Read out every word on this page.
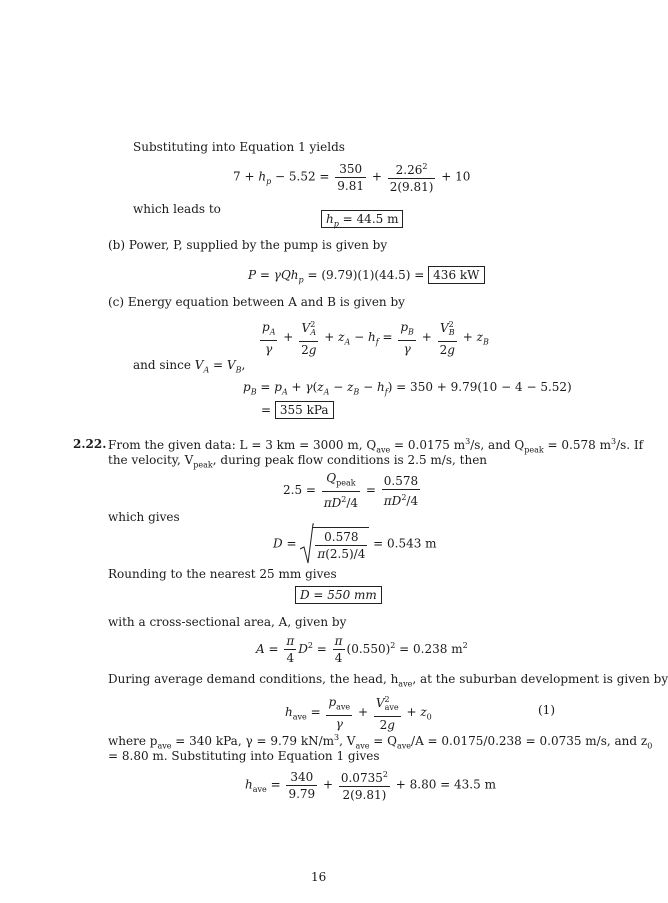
Substituting into Equation 1 yields
$7 + h_p - 5.52 = \frac{350}{9.81} + \frac{2.26^2}{2(9.81)} + 10$
which leads to
$h_p = 44.5$ m
(b) Power, P, supplied by the pump is given by
P = γQh$_p$ = (9.79)(1)(44.5) = 436 kW
(c) Energy equation between A and B is given by
$\frac{p_A}{\gamma} + \frac{V^2_A}{2g} + z_A - h_f = \frac{p_B}{\gamma} + \frac{V^2_B}{2g} + z_B$
and since $V_A = V_B$,
$p_B = p_A + \gamma(z_A - z_B - h_f) = 350 + 9.79(10 - 4 - 5.52)$
= 355 kPa
2.22. From the given data: L = 3 km = 3000 m, $Q_{ave} = 0.0175$ $m^3/s$, and $Q_{peak} = 0.578$ $m^3/s$. If
the velocity, $V_{peak}$, during peak flow conditions is 2.5 m/s, then
$2.5 = \frac{Q_{peak}}{\pi D^2/4} = \frac{0.578}{\pi D^2/4}$
which gives
$D = \frac{0.578}{\pi(2.5)/4} = 0.543$ m
Rounding to the nearest 25 mm gives
D = 550 mm
with a cross-sectional area, A, given by
$A = \frac{\pi}{4} D^2 = \frac{\pi}{4} (0.550)^2 = 0.238$ $m^2$
During average demand conditions, the head, $h_{ave}$, at the suburban development is given by
$h_{ave} = \frac{p_{ave}}{\gamma} + \frac{V^2_{ave}}{2g} + z_0$
(1)
where $p_{ave} = 340$ kPa, γ = 9.79 $kN/m^3$, $V_{ave} = Q_{ave}/A = 0.0175/0.238 = 0.0735$ m/s, and $z_0$
= 8.80 m. Substituting into Equation 1 gives
$h_{ave} = \frac{340}{9.79} + \frac{0.0735^2}{2(9.81)} + 8.80 = 43.5$ m
16
